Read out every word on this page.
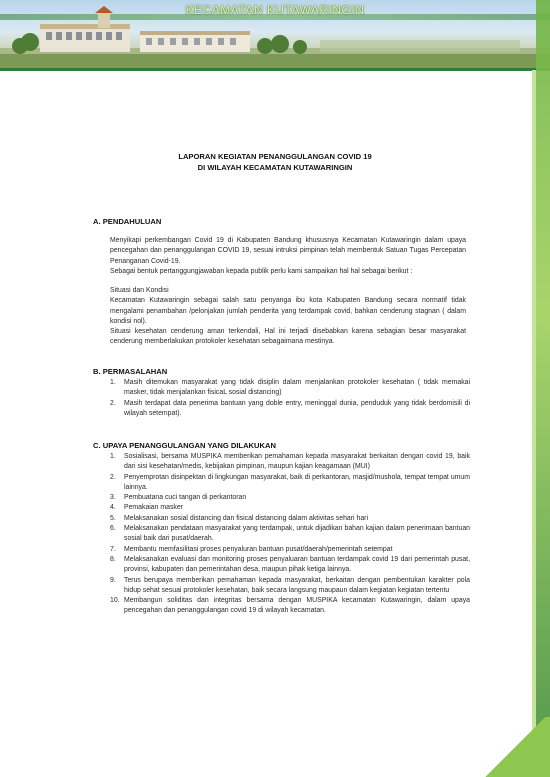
KECAMATAN KUTAWARINGIN
LAPORAN KEGIATAN PENANGGULANGAN COVID 19
DI WILAYAH KECAMATAN KUTAWARINGIN
A. PENDAHULUAN
Menyikapi perkembangan Covid 19 di Kabupaten Bandung khususnya Kecamatan Kutawaringin dalam upaya pencegahan dan penanggulangan COVID 19, sesuai intruksi pimpinan telah membentuk Satuan Tugas Percepatan Penanganan Covid-19.
Sebagai bentuk pertanggungjawaban kepada publik perlu kami sampaikan hal hal sebagai berikut :
Situasi dan Kondisi
Kecamatan Kutawaringin sebagai salah satu penyanga ibu kota Kabupaten Bandung secara normatif tidak mengalami penambahan /pelonjakan jumlah penderita yang terdampak covid, bahkan cenderung stagnan ( dalam kondisi nol).
Situasi kesehatan cenderung aman terkendali, Hal ini terjadi disebabkan karena sebagian besar masyarakat cenderung memberlakukan protokoler kesehatan sebagaimana mestinya.
B. PERMASALAHAN
1. Masih ditemukan masyarakat yang tidak disiplin dalam menjalankan protokoler kesehatan ( tidak memakai masker, tidak menjalankan fisicaL sosial distancing)
2. Masih terdapat data penerima bantuan yang doble entry, meninggal dunia, penduduk yang tidak berdomisili di wilayah setempat).
C. UPAYA PENANGGULANGAN YANG DILAKUKAN
1. Sosialisasi, bersama MUSPIKA memberikan pemahaman kepada masyarakat berkaitan dengan covid 19, baik dari sisi kesehatan/medis, kebijakan pimpinan, maupun kajian keagamaan (MUI)
2. Penyemprotan disinpektan di lingkungan masyarakat, baik di perkantoran, masjid/mushola, tempat tempat umum lainnya.
3. Pembuatana cuci tangan di perkantoran
4. Pemakaian masker
5. Melaksanakan sosial distancing dan fisical distancing dalam aktivitas sehari hari
6. Melaksanakan pendataan masyarakat yang terdampak, untuk dijadikan bahan kajian dalam penerimaan bantuan sosial baik dari pusat/daerah.
7. Membantu memfasilitasi proses penyaluran bantuan pusat/daerah/pemerintah setempat
8. Melaksanakan evaluasi dan monitoring proses penyaluaran bantuan terdampak covid 19 dari pemerintah pusat, provinsi, kabupaten dan pemerintahan desa, maupun pihak ketiga lainnya.
9. Terus berupaya memberikan pemahaman kepada masyarakat, berkaitan dengan pembentukan karakter pola hidup sehat sesuai protokoler kesehatan, baik secara langsung maupaun dalam kegiatan kegiatan tertentu
10. Membangun soliditas dan integritas bersama dengan MUSPIKA kecamatan Kutawaringin, dalam upaya pencegahan dan penanggulangan covid 19 di wilayah kecamatan.
